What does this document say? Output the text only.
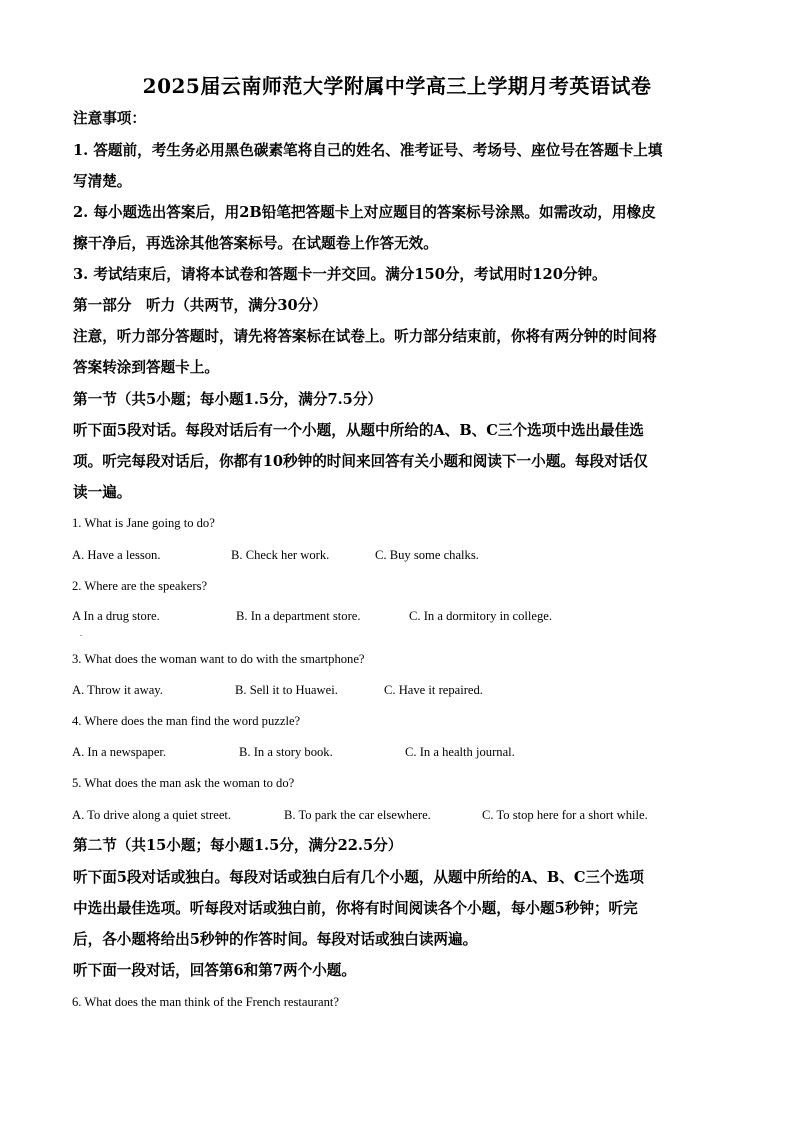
2025届云南师范大学附属中学高三上学期月考英语试卷
注意事项：
1. 答题前，考生务必用黑色碳素笔将自己的姓名、准考证号、考场号、座位号在答题卡上填
写清楚。
2. 每小题选出答案后，用2B铅笔把答题卡上对应题目的答案标号涂黑。如需改动，用橡皮
擦干净后，再选涂其他答案标号。在试题卷上作答无效。
3. 考试结束后，请将本试卷和答题卡一并交回。满分150分，考试用时120分钟。
第一部分　听力（共两节，满分30分）
注意，听力部分答题时，请先将答案标在试卷上。听力部分结束前，你将有两分钟的时间将
答案转涂到答题卡上。
第一节（共5小题；每小题1.5分，满分7.5分）
听下面5段对话。每段对话后有一个小题，从题中所给的A、B、C三个选项中选出最佳选
项。听完每段对话后，你都有10秒钟的时间来回答有关小题和阅读下一小题。每段对话仅
读一遍。
1. What is Jane going to do?
A. Have a lesson.	B. Check her work.	C. Buy some chalks.
2. Where are the speakers?
A In a drug store.	B. In a department store.	C. In a dormitory in college.
.
3. What does the woman want to do with the smartphone?
A. Throw it away.	B. Sell it to Huawei.	C. Have it repaired.
4. Where does the man find the word puzzle?
A. In a newspaper.	B. In a story book.	C. In a health journal.
5. What does the man ask the woman to do?
A. To drive along a quiet street.	B. To park the car elsewhere.	C. To stop here for a short while.
第二节（共15小题；每小题1.5分，满分22.5分）
听下面5段对话或独白。每段对话或独白后有几个小题，从题中所给的A、B、C三个选项
中选出最佳选项。听每段对话或独白前，你将有时间阅读各个小题，每小题5秒钟；听完
后，各小题将给出5秒钟的作答时间。每段对话或独白读两遍。
听下面一段对话，回答第6和第7两个小题。
6. What does the man think of the French restaurant?
